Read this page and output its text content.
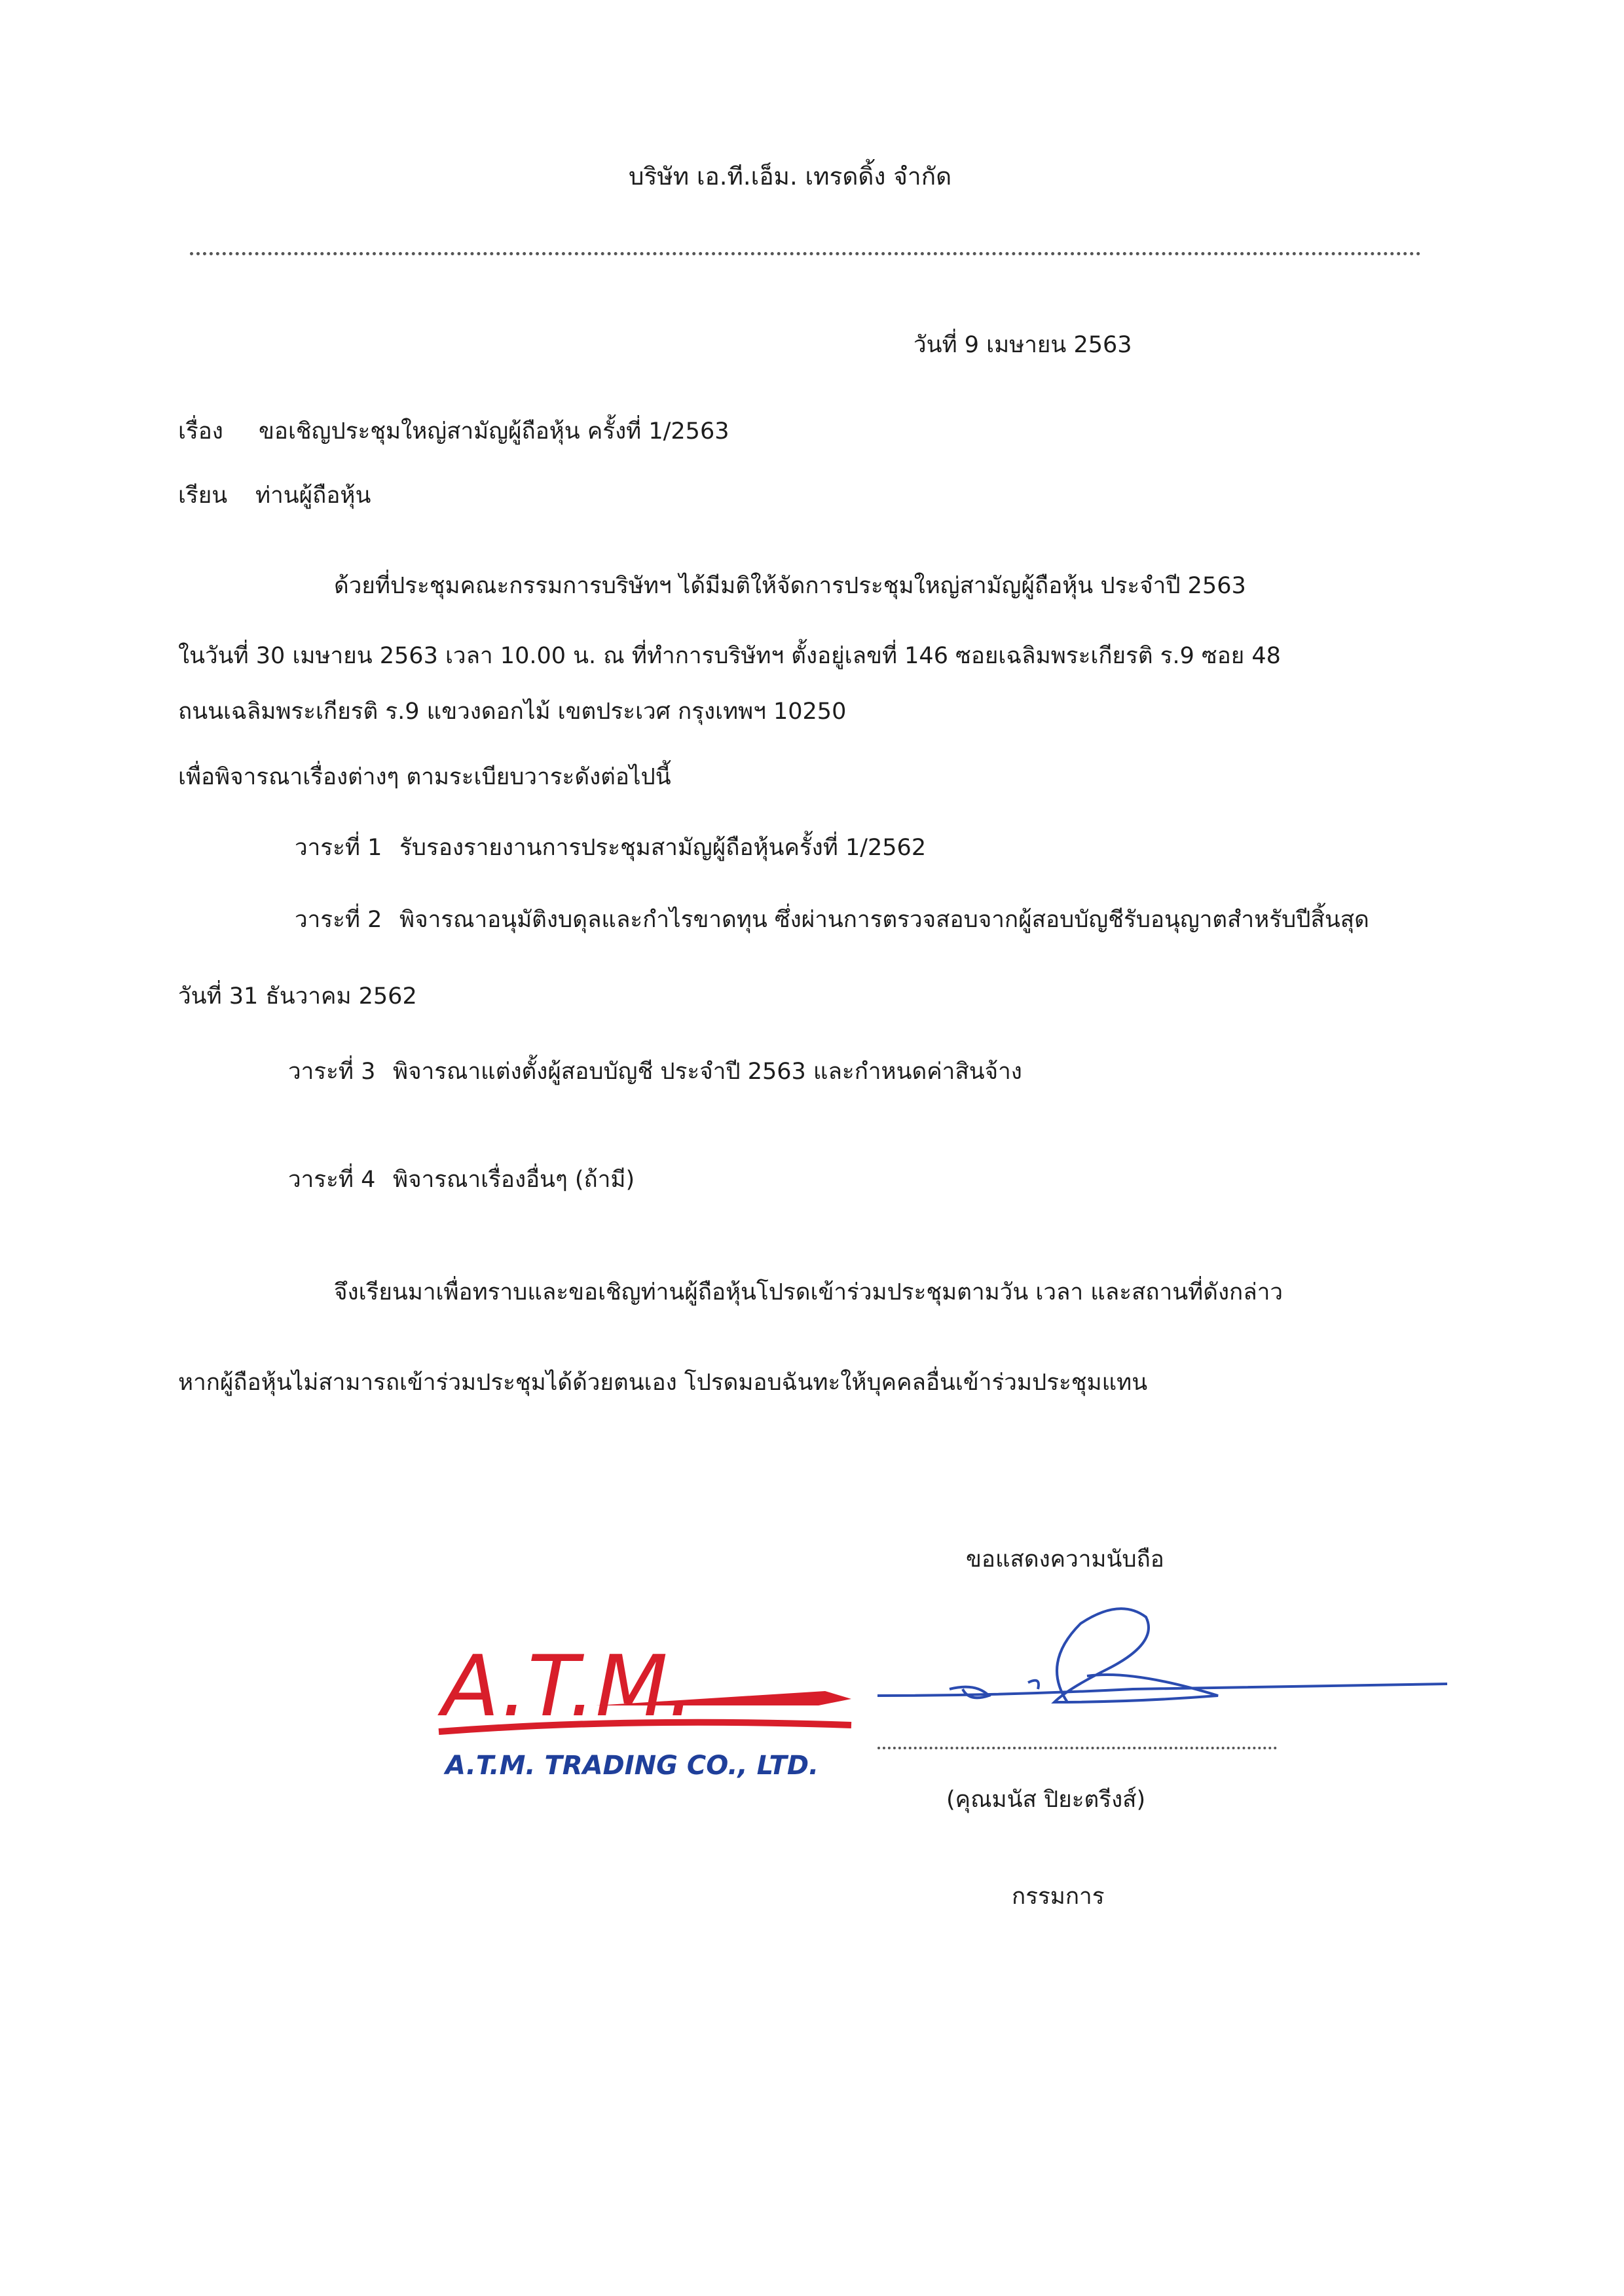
บริษัท เอ.ที.เอ็ม. เทรดดิ้ง จำกัด
วันที่ 9 เมษายน 2563
เรื่อง ขอเชิญประชุมใหญ่สามัญผู้ถือหุ้น ครั้งที่ 1/2563
เรียน ท่านผู้ถือหุ้น
ด้วยที่ประชุมคณะกรรมการบริษัทฯ ได้มีมติให้จัดการประชุมใหญ่สามัญผู้ถือหุ้น ประจำปี 2563
ในวันที่ 30 เมษายน 2563 เวลา 10.00 น. ณ ที่ทำการบริษัทฯ ตั้งอยู่เลขที่ 146 ซอยเฉลิมพระเกียรติ ร.9 ซอย 48
ถนนเฉลิมพระเกียรติ ร.9 แขวงดอกไม้ เขตประเวศ กรุงเทพฯ 10250
เพื่อพิจารณาเรื่องต่างๆ ตามระเบียบวาระดังต่อไปนี้
วาระที่ 1 รับรองรายงานการประชุมสามัญผู้ถือหุ้นครั้งที่ 1/2562
วาระที่ 2 พิจารณาอนุมัติงบดุลและกำไรขาดทุน ซึ่งผ่านการตรวจสอบจากผู้สอบบัญชีรับอนุญาตสำหรับปีสิ้นสุด
วันที่ 31 ธันวาคม 2562
วาระที่ 3 พิจารณาแต่งตั้งผู้สอบบัญชี ประจำปี 2563 และกำหนดค่าสินจ้าง
วาระที่ 4 พิจารณาเรื่องอื่นๆ (ถ้ามี)
จึงเรียนมาเพื่อทราบและขอเชิญท่านผู้ถือหุ้นโปรดเข้าร่วมประชุมตามวัน เวลา และสถานที่ดังกล่าว
หากผู้ถือหุ้นไม่สามารถเข้าร่วมประชุมได้ด้วยตนเอง โปรดมอบฉันทะให้บุคคลอื่นเข้าร่วมประชุมแทน
ขอแสดงความนับถือ
A.T.M.
A.T.M. TRADING CO., LTD.
(คุณมนัส ปิยะตรีงส์)
กรรมการ
